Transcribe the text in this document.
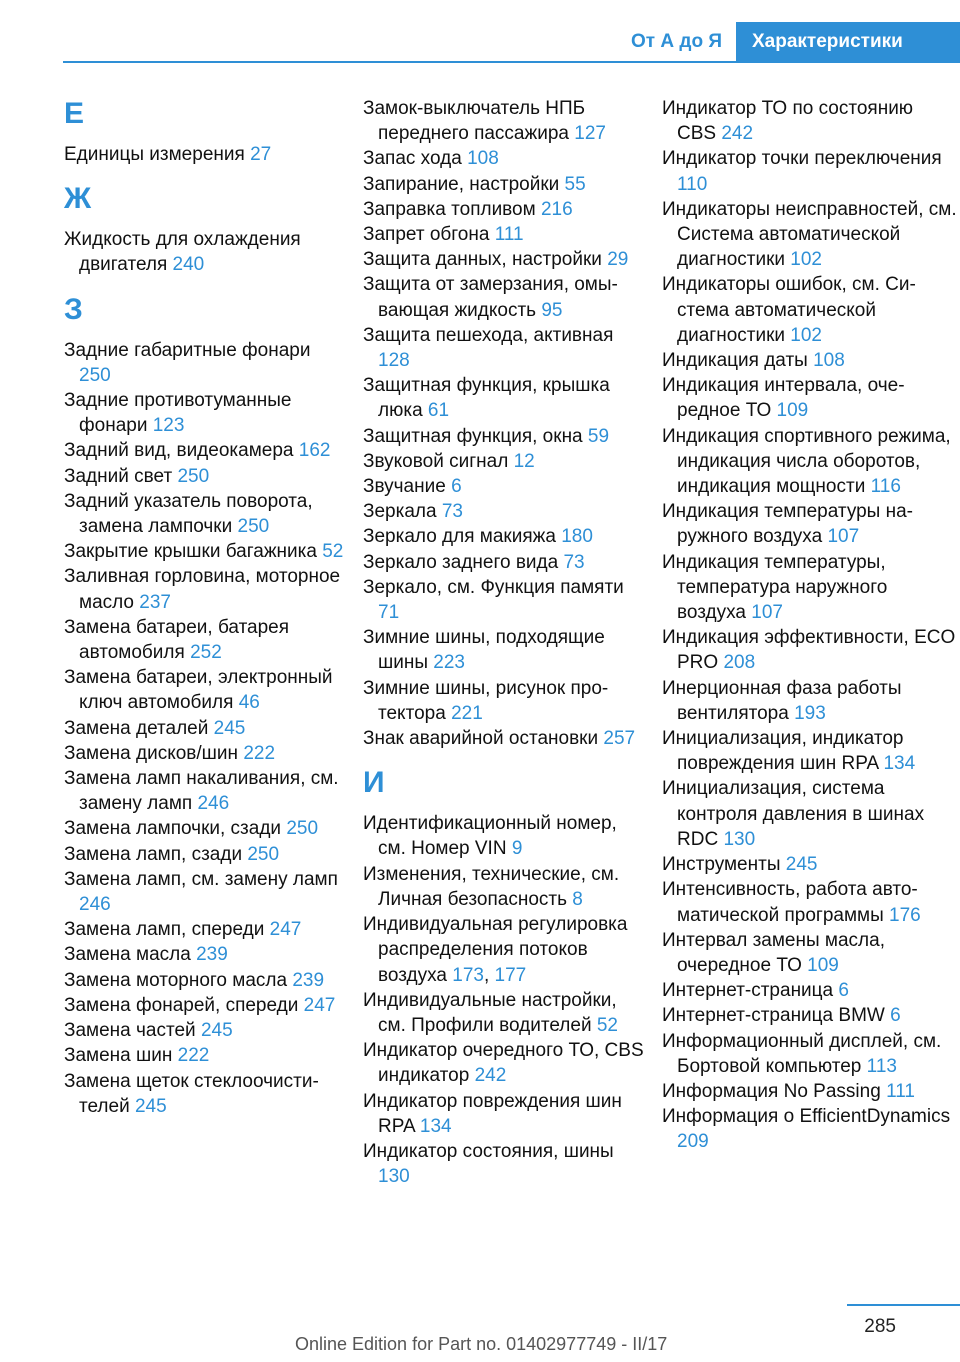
От А до Я	Характеристики
Е
Единицы измерения 27
Ж
Жидкость для охлаждения двигателя 240
З
Задние габаритные фонари 250
Задние противотуманные фонари 123
Задний вид, видеокамера 162
Задний свет 250
Задний указатель поворота, замена лампочки 250
Закрытие крышки багажника 52
Заливная горловина, моторное масло 237
Замена батареи, батарея автомобиля 252
Замена батареи, электронный ключ автомобиля 46
Замена деталей 245
Замена дисков/шин 222
Замена ламп накаливания, см. замену ламп 246
Замена лампочки, сзади 250
Замена ламп, сзади 250
Замена ламп, см. замену ламп 246
Замена ламп, спереди 247
Замена масла 239
Замена моторного масла 239
Замена фонарей, спереди 247
Замена частей 245
Замена шин 222
Замена щеток стеклоочистителей 245
Замок-выключатель НПБ переднего пассажира 127
Запас хода 108
Запирание, настройки 55
Заправка топливом 216
Запрет обгона 111
Защита данных, настройки 29
Защита от замерзания, омывающая жидкость 95
Защита пешехода, активная 128
Защитная функция, крышка люка 61
Защитная функция, окна 59
Звуковой сигнал 12
Звучание 6
Зеркала 73
Зеркало для макияжа 180
Зеркало заднего вида 73
Зеркало, см. Функция памяти 71
Зимние шины, подходящие шины 223
Зимние шины, рисунок протектора 221
Знак аварийной остановки 257
И
Идентификационный номер, см. Номер VIN 9
Изменения, технические, см. Личная безопасность 8
Индивидуальная регулировка распределения потоков воздуха 173, 177
Индивидуальные настройки, см. Профили водителей 52
Индикатор очередного ТО, CBS индикатор 242
Индикатор повреждения шин RPA 134
Индикатор состояния, шины 130
Индикатор ТО по состоянию CBS 242
Индикатор точки переключения 110
Индикаторы неисправностей, см. Система автоматической диагностики 102
Индикаторы ошибок, см. Система автоматической диагностики 102
Индикация даты 108
Индикация интервала, очередное ТО 109
Индикация спортивного режима, индикация числа оборотов, индикация мощности 116
Индикация температуры наружного воздуха 107
Индикация температуры, температура наружного воздуха 107
Индикация эффективности, ECO PRO 208
Инерционная фаза работы вентилятора 193
Инициализация, индикатор повреждения шин RPA 134
Инициализация, система контроля давления в шинах RDC 130
Инструменты 245
Интенсивность, работа автоматической программы 176
Интервал замены масла, очередное ТО 109
Интернет-страница 6
Интернет-страница BMW 6
Информационный дисплей, см. Бортовой компьютер 113
Информация No Passing 111
Информация о EfficientDynamics 209
285
Online Edition for Part no. 01402977749 - II/17
